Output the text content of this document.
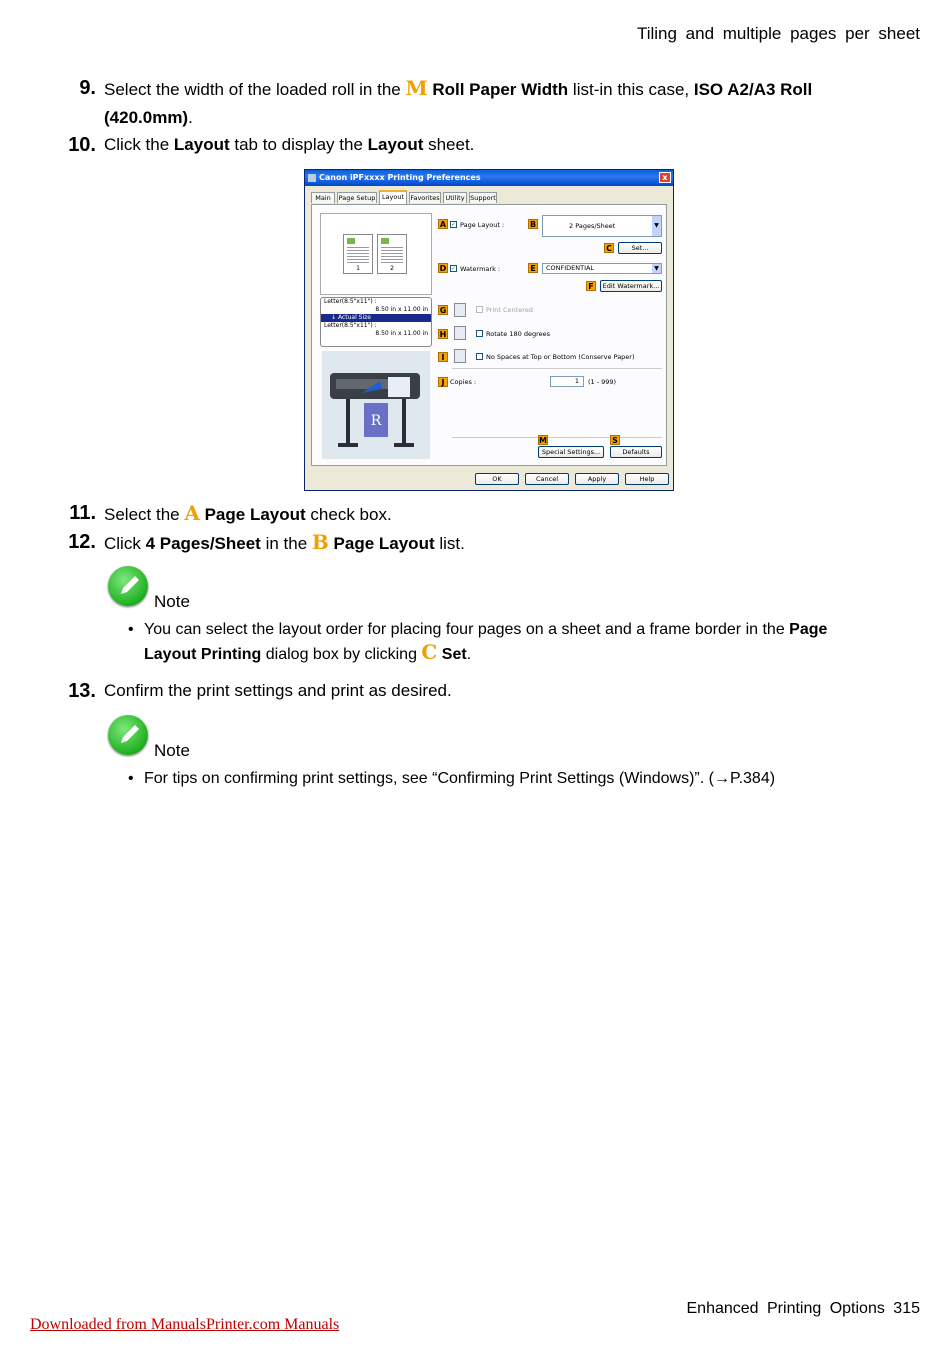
Tiling and multiple pages per sheet
9. Select the width of the loaded roll in the M Roll Paper Width list-in this case, ISO A2/A3 Roll (420.0mm).
10. Click the Layout tab to display the Layout sheet.
Canon iPFxxxx Printing Preferences	x
Main	Page Setup	Layout Favorites Utility Support
1	2
Letter(8.5"x11") :
8.50 in x 11.00 in
↓ Actual Size
Letter(8.5"x11") :
8.50 in x 11.00 in
R
A ✓ Page Layout :	B	2 Pages/Sheet	▼
C	Set...
D ✓ Watermark :	E	CONFIDENTIAL	▼
F	Edit Watermark...
G	Print Centered
H	Rotate 180 degrees
I	No Spaces at Top or Bottom (Conserve Paper)
J Copies :	1	(1 - 999)
M
Special Settings...
S
Defaults
OK	Cancel	Apply	Help
11. Select the A Page Layout check box.
12. Click 4 Pages/Sheet in the B Page Layout list.
Note
• You can select the layout order for placing four pages on a sheet and a frame border in the Page Layout Printing dialog box by clicking C Set.
13. Confirm the print settings and print as desired.
Note
• For tips on confirming print settings, see “Confirming Print Settings (Windows)”. (→P.384)
Enhanced Printing Options 315
Downloaded from ManualsPrinter.com Manuals
